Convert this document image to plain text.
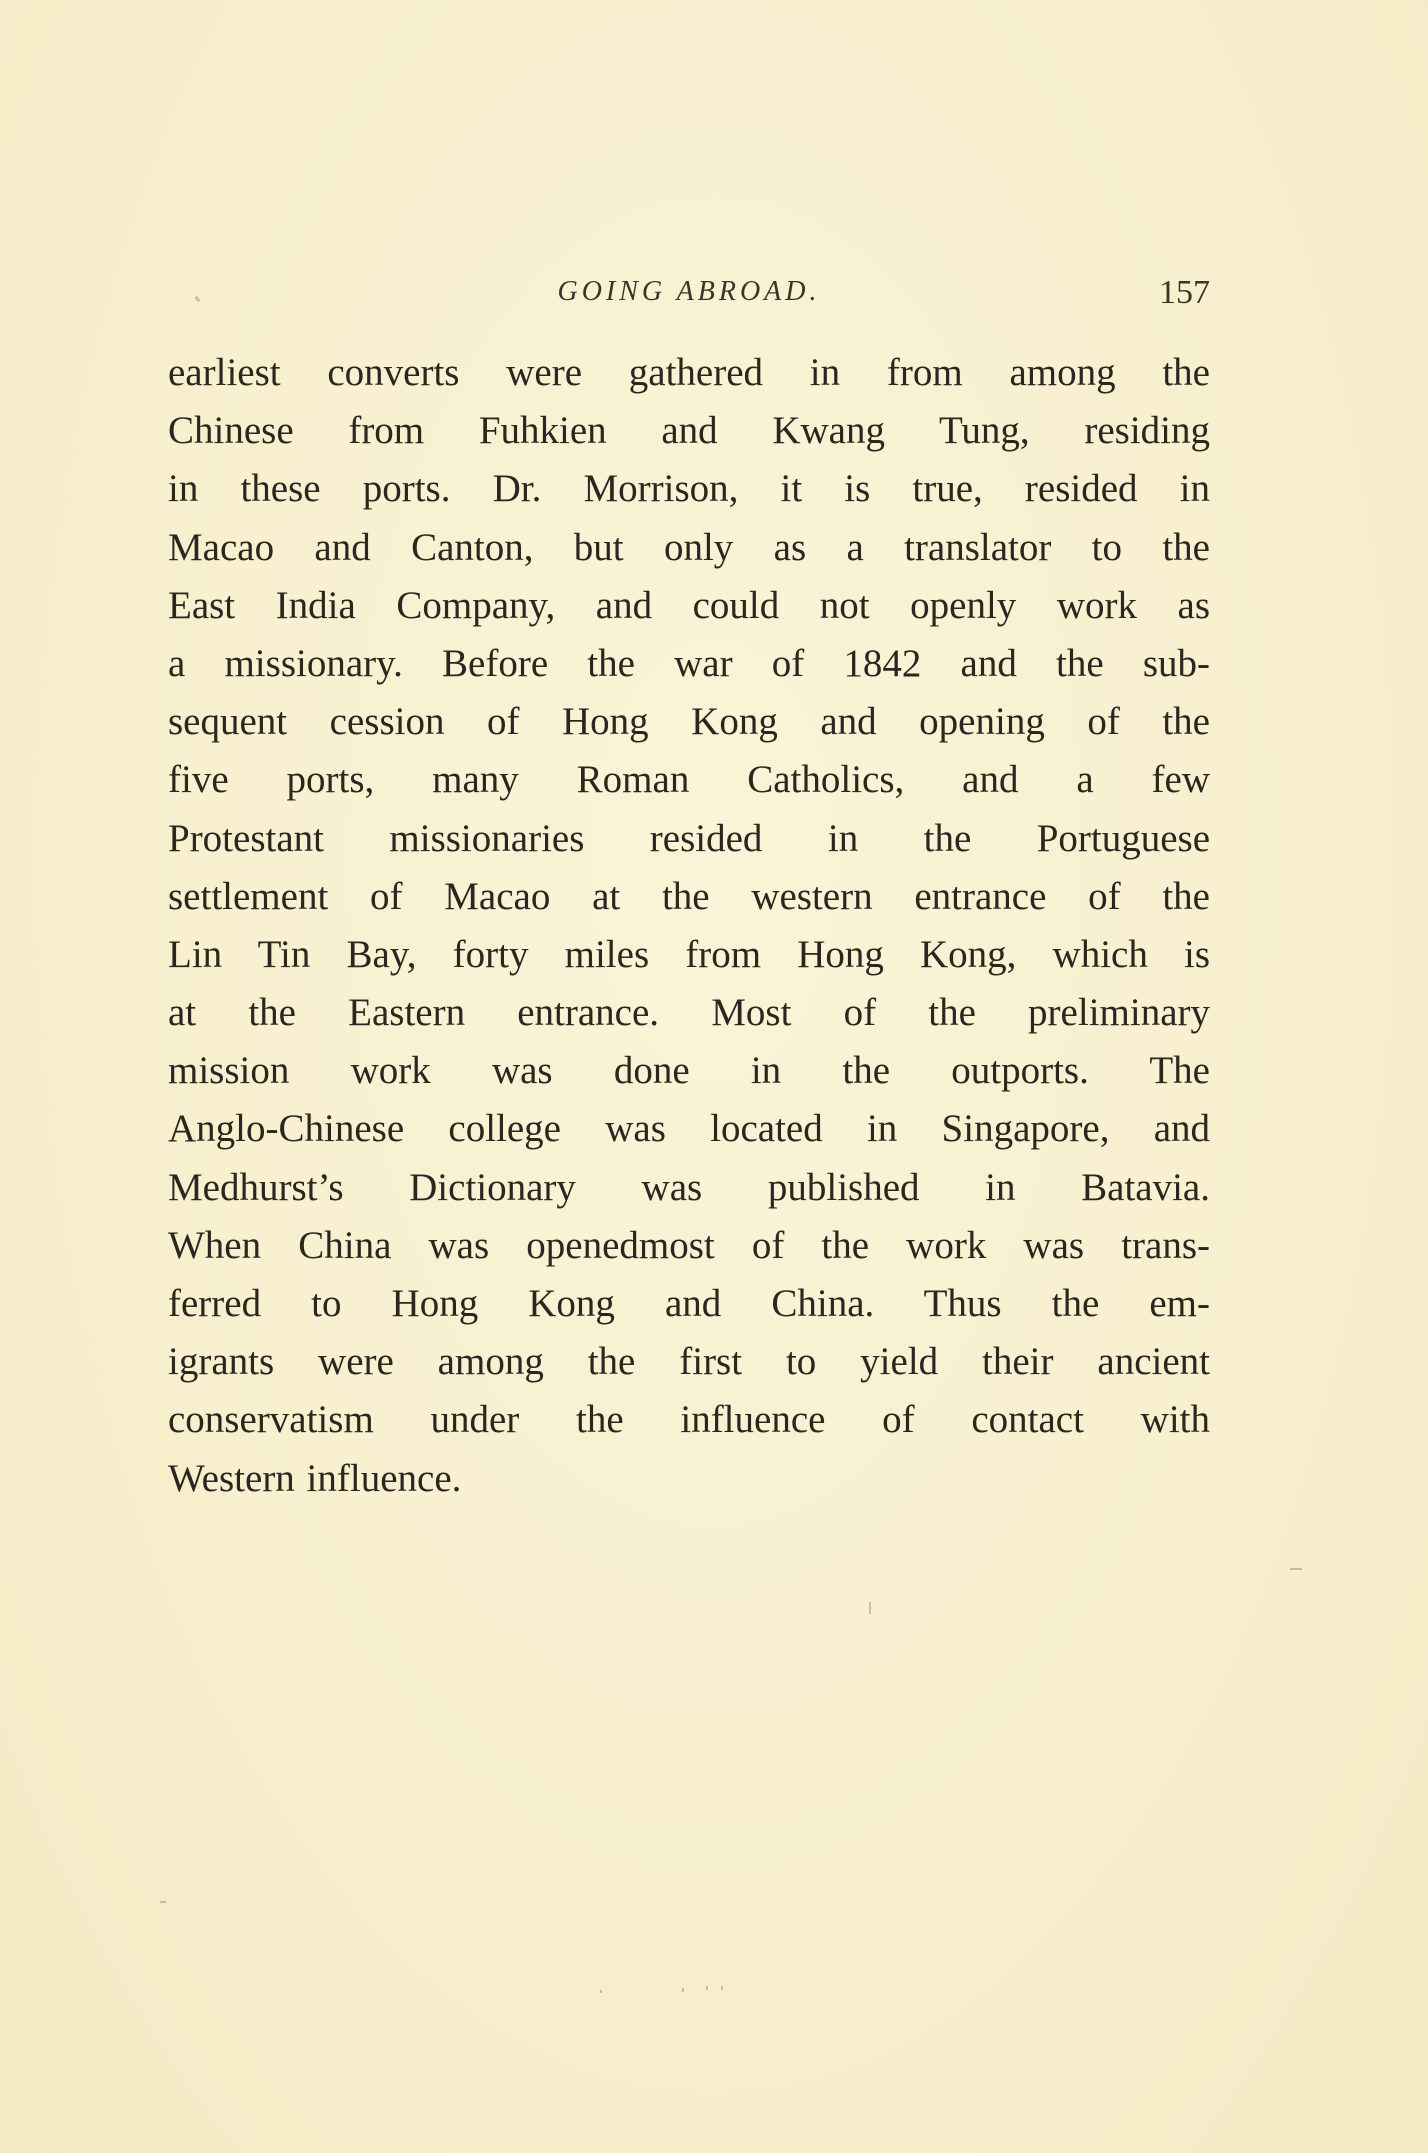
GOING ABROAD.	157
earliest converts were gathered in from among the
Chinese from Fuhkien and Kwang Tung, residing
in these ports. Dr. Morrison, it is true, resided in
Macao and Canton, but only as a translator to the
East India Company, and could not openly work as
a missionary. Before the war of 1842 and the sub-
sequent cession of Hong Kong and opening of the
five ports, many Roman Catholics, and a few
Protestant missionaries resided in the Portuguese
settlement of Macao at the western entrance of the
Lin Tin Bay, forty miles from Hong Kong, which is
at the Eastern entrance. Most of the preliminary
mission work was done in the outports. The
Anglo-Chinese college was located in Singapore, and
Medhurst’s Dictionary was published in Batavia.
When China was openedmost of the work was trans-
ferred to Hong Kong and China. Thus the em-
igrants were among the first to yield their ancient
conservatism under the influence of contact with
Western influence.
